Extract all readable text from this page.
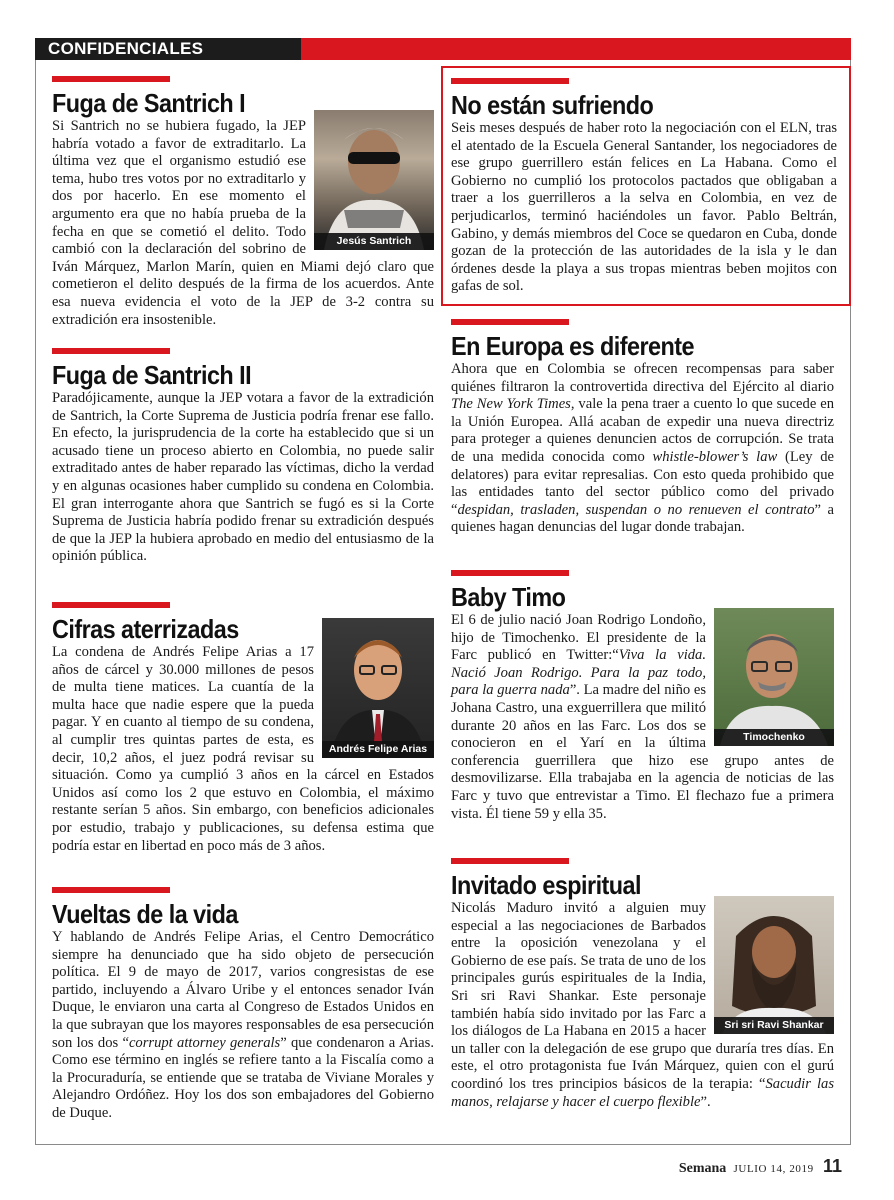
CONFIDENCIALES
Fuga de Santrich I
Jesús Santrich
Si Santrich no se hubiera fugado, la JEP habría votado a favor de extraditarlo. La última vez que el organismo estudió ese tema, hubo tres votos por no extraditarlo y dos por hacerlo. En ese momento el argumento era que no había prueba de la fecha en que se cometió el delito. Todo cambió con la declaración del sobrino de Iván Márquez, Marlon Marín, quien en Miami dejó claro que cometieron el delito después de la firma de los acuerdos. Ante esa nueva evidencia el voto de la JEP de 3-2 contra su extradición era insostenible.
Fuga de Santrich II
Paradójicamente, aunque la JEP votara a favor de la extradición de Santrich, la Corte Suprema de Justicia podría frenar ese fallo. En efecto, la jurisprudencia de la corte ha establecido que si un acusado tiene un proceso abierto en Colombia, no puede salir extraditado antes de haber reparado las víctimas, dicho la verdad y en algunas ocasiones haber cumplido su condena en Colombia. El gran interrogante ahora que Santrich se fugó es si la Corte Suprema de Justicia habría podido frenar su extradición después de que la JEP la hubiera aprobado en medio del entusiasmo de la opinión pública.
Cifras aterrizadas
Andrés Felipe Arias
La condena de Andrés Felipe Arias a 17 años de cárcel y 30.000 millones de pesos de multa tiene matices. La cuantía de la multa hace que nadie espere que la pueda pagar. Y en cuanto al tiempo de su condena, al cumplir tres quintas partes de esta, es decir, 10,2 años, el juez podrá revisar su situación. Como ya cumplió 3 años en la cárcel en Estados Unidos así como los 2 que estuvo en Colombia, el máximo restante serían 5 años. Sin embargo, con beneficios adicionales por estudio, trabajo y publicaciones, su defensa estima que podría estar en libertad en poco más de 3 años.
Vueltas de la vida
Y hablando de Andrés Felipe Arias, el Centro Democrático siempre ha denunciado que ha sido objeto de persecución política. El 9 de mayo de 2017, varios congresistas de ese partido, incluyendo a Álvaro Uribe y el entonces senador Iván Duque, le enviaron una carta al Congreso de Estados Unidos en la que subrayan que los mayores responsables de esa persecución son los dos “corrupt attorney generals” que condenaron a Arias. Como ese término en inglés se refiere tanto a la Fiscalía como a la Procuraduría, se entiende que se trataba de Viviane Morales y Alejandro Ordóñez. Hoy los dos son embajadores del Gobierno de Duque.
No están sufriendo
Seis meses después de haber roto la negociación con el ELN, tras el atentado de la Escuela General Santander, los negociadores de ese grupo guerrillero están felices en La Habana. Como el Gobierno no cumplió los protocolos pactados que obligaban a traer a los guerrilleros a la selva en Colombia, en vez de perjudicarlos, terminó haciéndoles un favor. Pablo Beltrán, Gabino, y demás miembros del Coce se quedaron en Cuba, donde gozan de la protección de las autoridades de la isla y le dan órdenes desde la playa a sus tropas mientras beben mojitos con gafas de sol.
En Europa es diferente
Ahora que en Colombia se ofrecen recompensas para saber quiénes filtraron la controvertida directiva del Ejército al diario The New York Times, vale la pena traer a cuento lo que sucede en la Unión Europea. Allá acaban de expedir una nueva directriz para proteger a quienes denuncien actos de corrupción. Se trata de una medida conocida como whistle-blower’s law (Ley de delatores) para evitar represalias. Con esto queda prohibido que las entidades tanto del sector público como del privado “despidan, trasladen, suspendan o no renueven el contrato” a quienes hagan denuncias del lugar donde trabajan.
Baby Timo
Timochenko
El 6 de julio nació Joan Rodrigo Londoño, hijo de Timochenko. El presidente de la Farc publicó en Twitter:“Viva la vida. Nació Joan Rodrigo. Para la paz todo, para la guerra nada”. La madre del niño es Johana Castro, una exguerrillera que militó durante 20 años en las Farc. Los dos se conocieron en el Yarí en la última conferencia guerrillera que hizo ese grupo antes de desmovilizarse. Ella trabajaba en la agencia de noticias de las Farc y tuvo que entrevistar a Timo. El flechazo fue a primera vista. Él tiene 59 y ella 35.
Invitado espiritual
Sri sri Ravi Shankar
Nicolás Maduro invitó a alguien muy especial a las negociaciones de Barbados entre la oposición venezolana y el Gobierno de ese país. Se trata de uno de los principales gurús espirituales de la India, Sri sri Ravi Shankar. Este personaje también había sido invitado por las Farc a los diálogos de La Habana en 2015 a hacer un taller con la delegación de ese grupo que duraría tres días. En este, el otro protagonista fue Iván Márquez, quien con el gurú coordinó los tres principios básicos de la terapia: “Sacudir las manos, relajarse y hacer el cuerpo flexible”.
Semana JULIO 14, 2019 11
